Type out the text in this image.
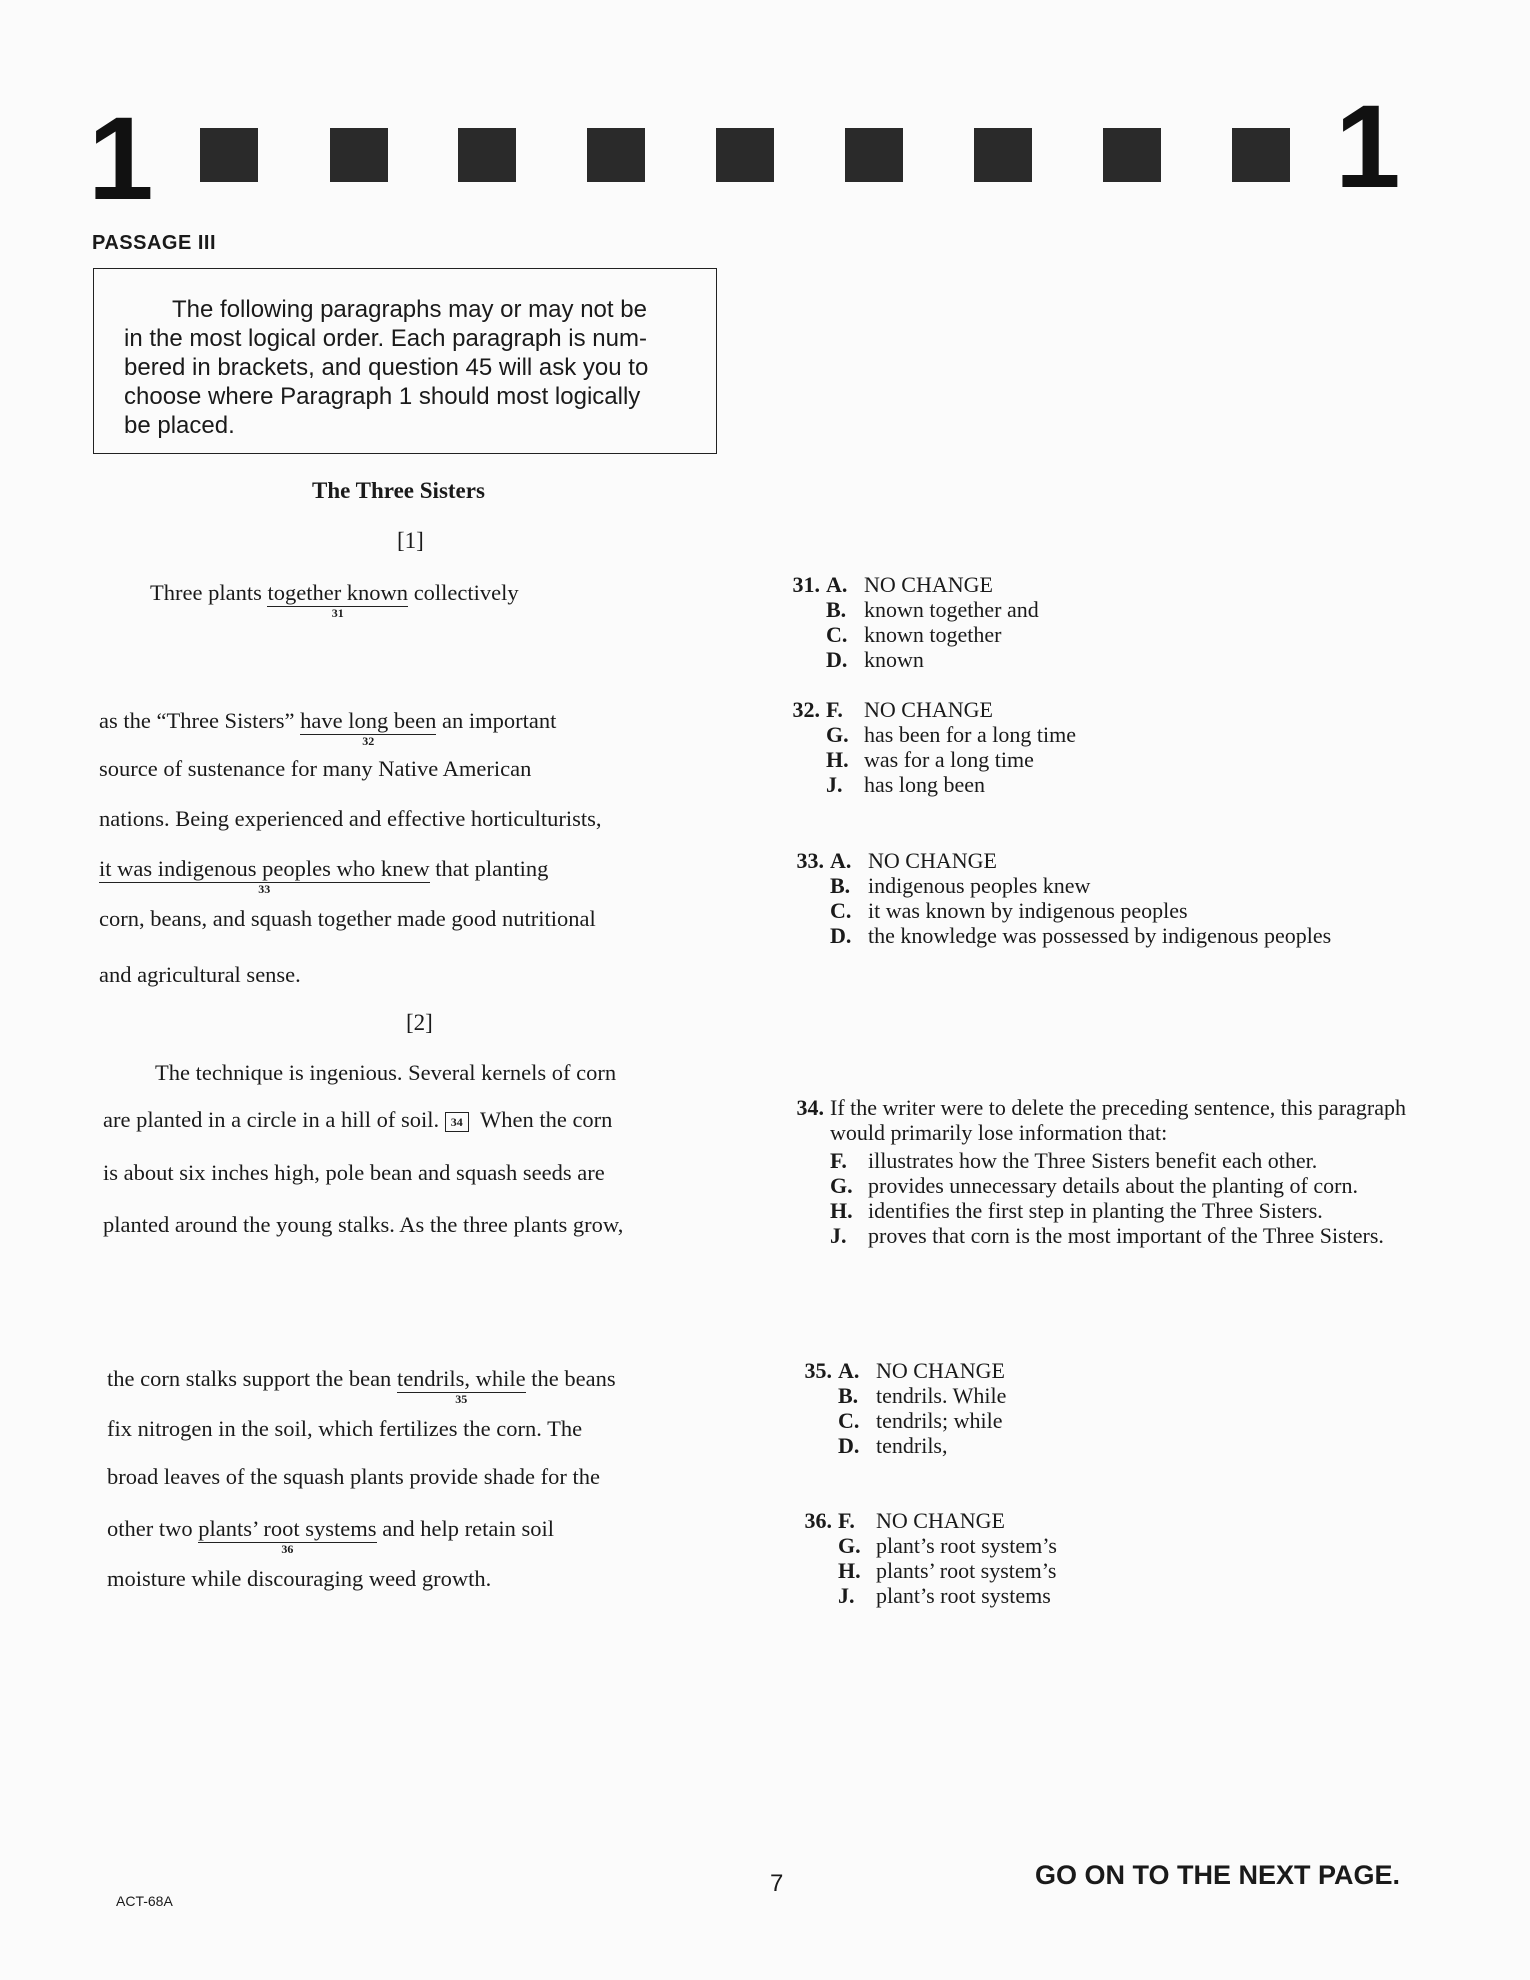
1	1
PASSAGE III
The following paragraphs may or may not be
in the most logical order. Each paragraph is num-
bered in brackets, and question 45 will ask you to
choose where Paragraph 1 should most logically
be placed.
The Three Sisters
[1]
Three plants together known
31
collectively
as the “Three Sisters” have long been
32
an important
source of sustenance for many Native American
nations. Being experienced and effective horticulturists,
it was indigenous peoples who knew
33
that planting
corn, beans, and squash together made good nutritional
and agricultural sense.
[2]
The technique is ingenious. Several kernels of corn
are planted in a circle in a hill of soil. 34 When the corn
is about six inches high, pole bean and squash seeds are
planted around the young stalks. As the three plants grow,
the corn stalks support the bean tendrils, while
35
the beans
fix nitrogen in the soil, which fertilizes the corn. The
broad leaves of the squash plants provide shade for the
other two plants’ root systems
36
and help retain soil
moisture while discouraging weed growth.
31. A. NO CHANGE
B. known together and
C. known together
D. known
32. F. NO CHANGE
G. has been for a long time
H. was for a long time
J. has long been
33. A. NO CHANGE
B. indigenous peoples knew
C. it was known by indigenous peoples
D. the knowledge was possessed by indigenous peoples
34. If the writer were to delete the preceding sentence, this paragraph would primarily lose information that:
F. illustrates how the Three Sisters benefit each other.
G. provides unnecessary details about the planting of corn.
H. identifies the first step in planting the Three Sisters.
J. proves that corn is the most important of the Three Sisters.
35. A. NO CHANGE
B. tendrils. While
C. tendrils; while
D. tendrils,
36. F. NO CHANGE
G. plant’s root system’s
H. plants’ root system’s
J. plant’s root systems
ACT-68A
7	GO ON TO THE NEXT PAGE.
